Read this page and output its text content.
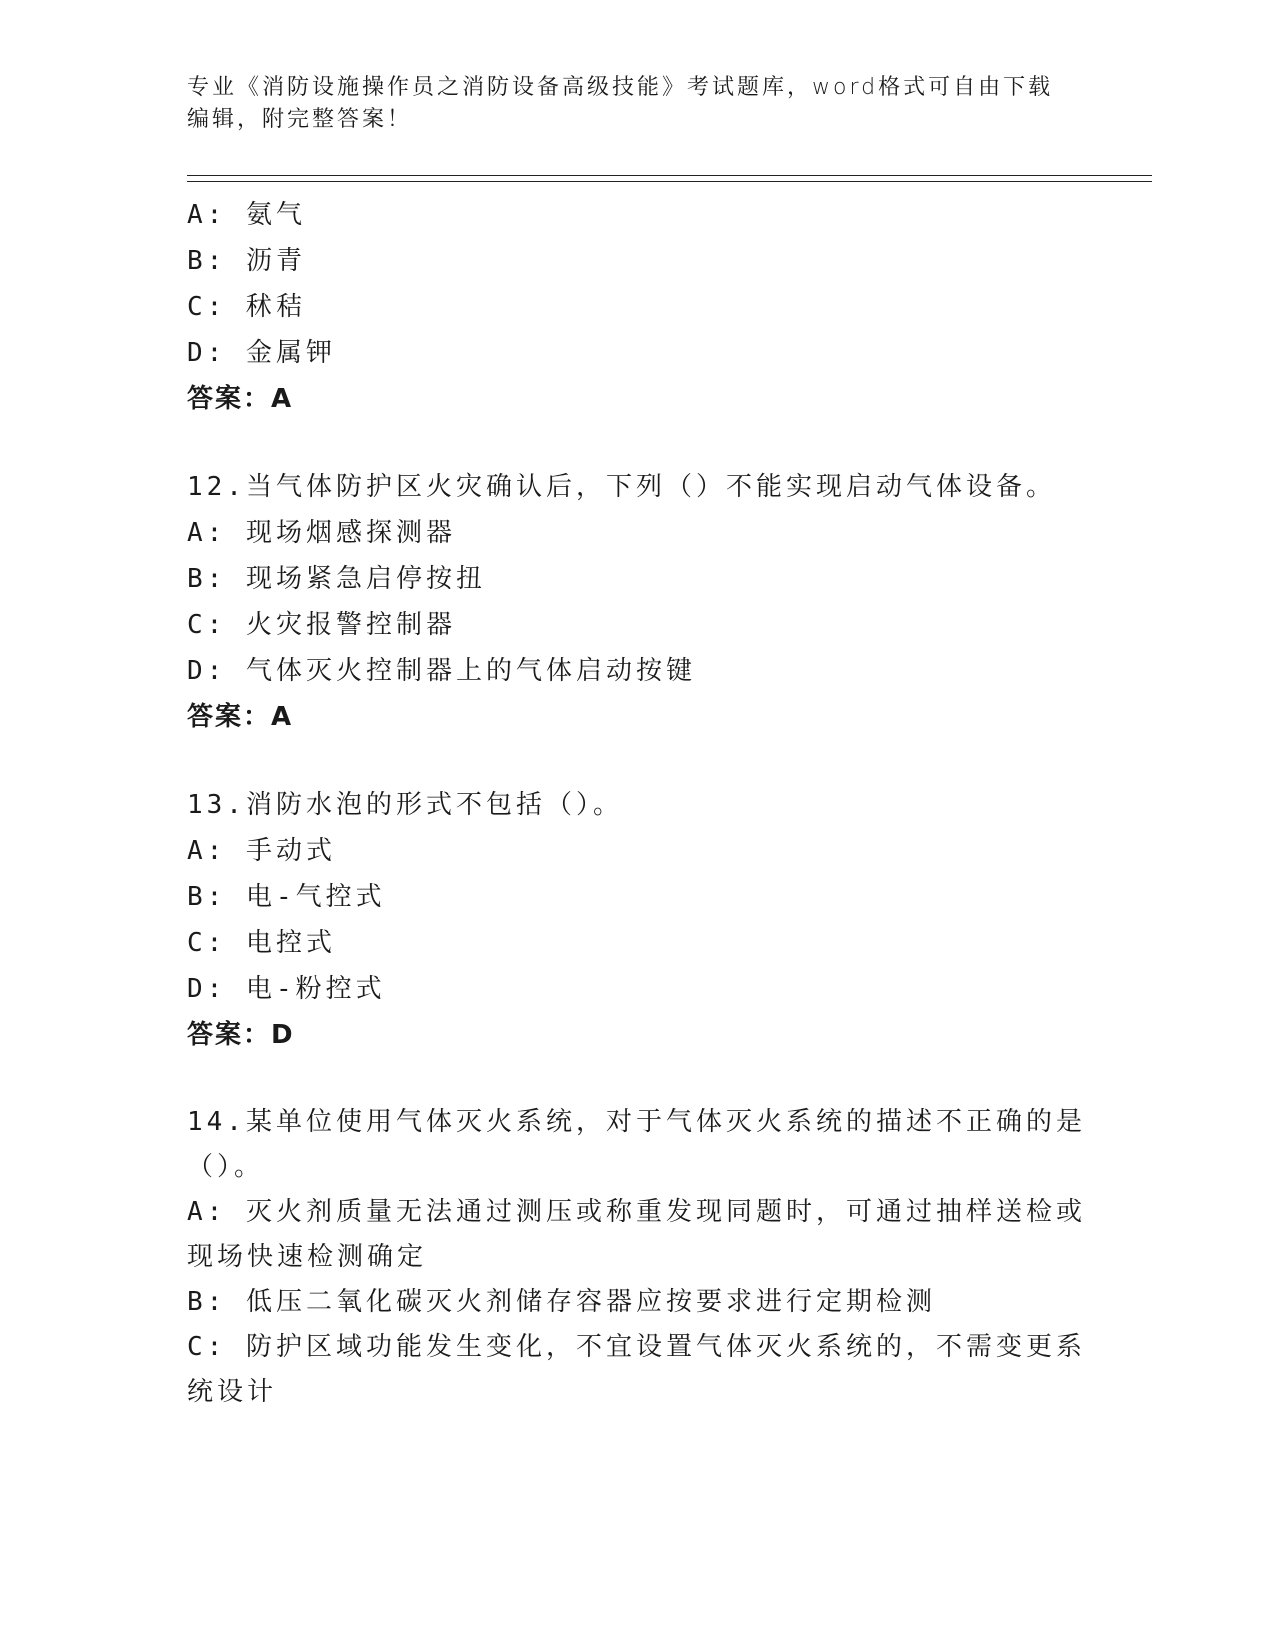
专业《消防设施操作员之消防设备高级技能》考试题库，word格式可自由下载编辑，附完整答案！
A: 氨气
B: 沥青
C: 秫秸
D: 金属钾
答案：A
12.当气体防护区火灾确认后，下列（）不能实现启动气体设备。
A: 现场烟感探测器
B: 现场紧急启停按扭
C: 火灾报警控制器
D: 气体灭火控制器上的气体启动按键
答案：A
13.消防水泡的形式不包括（）。
A: 手动式
B: 电-气控式
C: 电控式
D: 电-粉控式
答案：D
14.某单位使用气体灭火系统，对于气体灭火系统的描述不正确的是（）。
A: 灭火剂质量无法通过测压或称重发现同题时，可通过抽样送检或现场快速检测确定
B: 低压二氧化碳灭火剂储存容器应按要求进行定期检测
C: 防护区域功能发生变化，不宜设置气体灭火系统的，不需变更系统设计
